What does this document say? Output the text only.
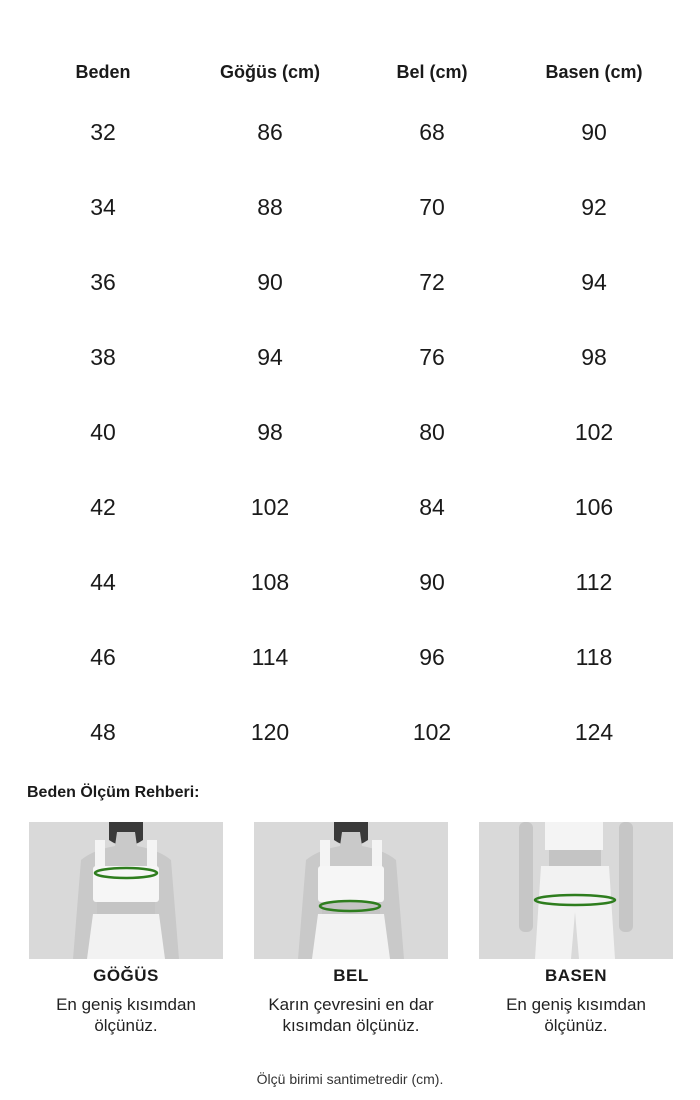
Beden	Göğüs (cm)	Bel (cm)	Basen (cm)
32	86	68	90
34	88	70	92
36	90	72	94
38	94	76	98
40	98	80	102
42	102	84	106
44	108	90	112
46	114	96	118
48	120	102	124
Beden Ölçüm Rehberi:
GÖĞÜS
En geniş kısımdan
ölçünüz.
BEL
Karın çevresini en dar
kısımdan ölçünüz.
BASEN
En geniş kısımdan
ölçünüz.
Ölçü birimi santimetredir (cm).
